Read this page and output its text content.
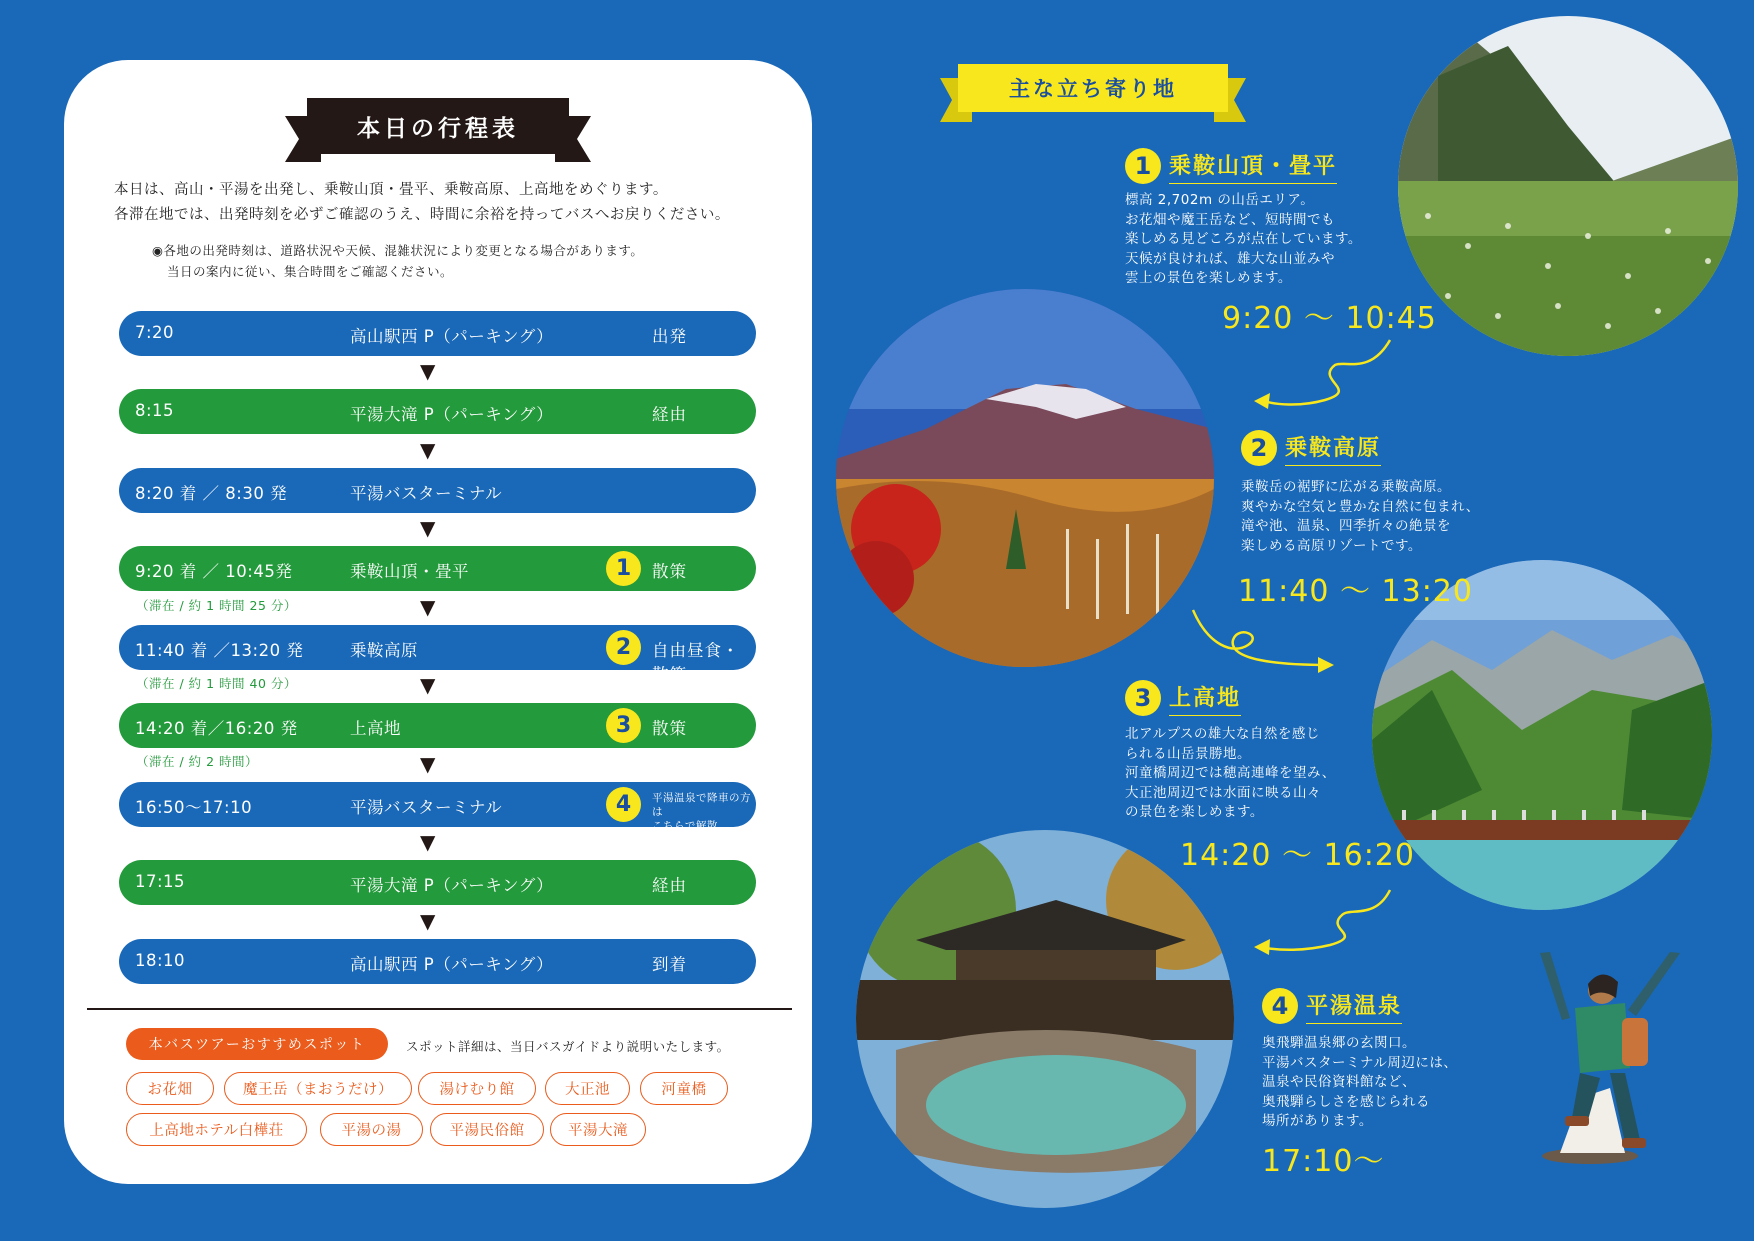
本日の行程表
本日は、高山・平湯を出発し、乗鞍山頂・畳平、乗鞍高原、上高地をめぐります。
各滞在地では、出発時刻を必ずご確認のうえ、時間に余裕を持ってバスへお戻りください。
◉各地の出発時刻は、道路状況や天候、混雑状況により変更となる場合があります。
当日の案内に従い、集合時間をご確認ください。
7:20	高山駅西 P（パーキング）	出発
▼
8:15	平湯大滝 P（パーキング）	経由
▼
8:20 着 ／ 8:30 発	平湯バスターミナル
▼
9:20 着 ／ 10:45発	乗鞍山頂・畳平	1	散策
（滞在 / 約 1 時間 25 分）	▼
11:40 着 ／13:20 発	乗鞍高原	2	自由昼食・散策
（滞在 / 約 1 時間 40 分）	▼
14:20 着／16:20 発	上高地	3	散策
（滞在 / 約 2 時間）	▼
16:50〜17:10	平湯バスターミナル	4	平湯温泉で降車の方は
こちらで解散
▼
17:15	平湯大滝 P（パーキング）	経由
▼
18:10	高山駅西 P（パーキング）	到着
本バスツアーおすすめスポット	スポット詳細は、当日バスガイドより説明いたします。
お花畑	魔王岳（まおうだけ）	湯けむり館	大正池	河童橋
上高地ホテル白樺荘	平湯の湯	平湯民俗館	平湯大滝
主な立ち寄り地
1 乗鞍山頂・畳平
標高 2,702m の山岳エリア。
お花畑や魔王岳など、短時間でも
楽しめる見どころが点在しています。
天候が良ければ、雄大な山並みや
雲上の景色を楽しめます。
9:20 〜 10:45
2 乗鞍高原
乗鞍岳の裾野に広がる乗鞍高原。
爽やかな空気と豊かな自然に包まれ、
滝や池、温泉、四季折々の絶景を
楽しめる高原リゾートです。
11:40 〜 13:20
3 上高地
北アルプスの雄大な自然を感じ
られる山岳景勝地。
河童橋周辺では穂高連峰を望み、
大正池周辺では水面に映る山々
の景色を楽しめます。
14:20 〜 16:20
4 平湯温泉
奥飛騨温泉郷の玄関口。
平湯バスターミナル周辺には、
温泉や民俗資料館など、
奥飛騨らしさを感じられる
場所があります。
17:10〜
